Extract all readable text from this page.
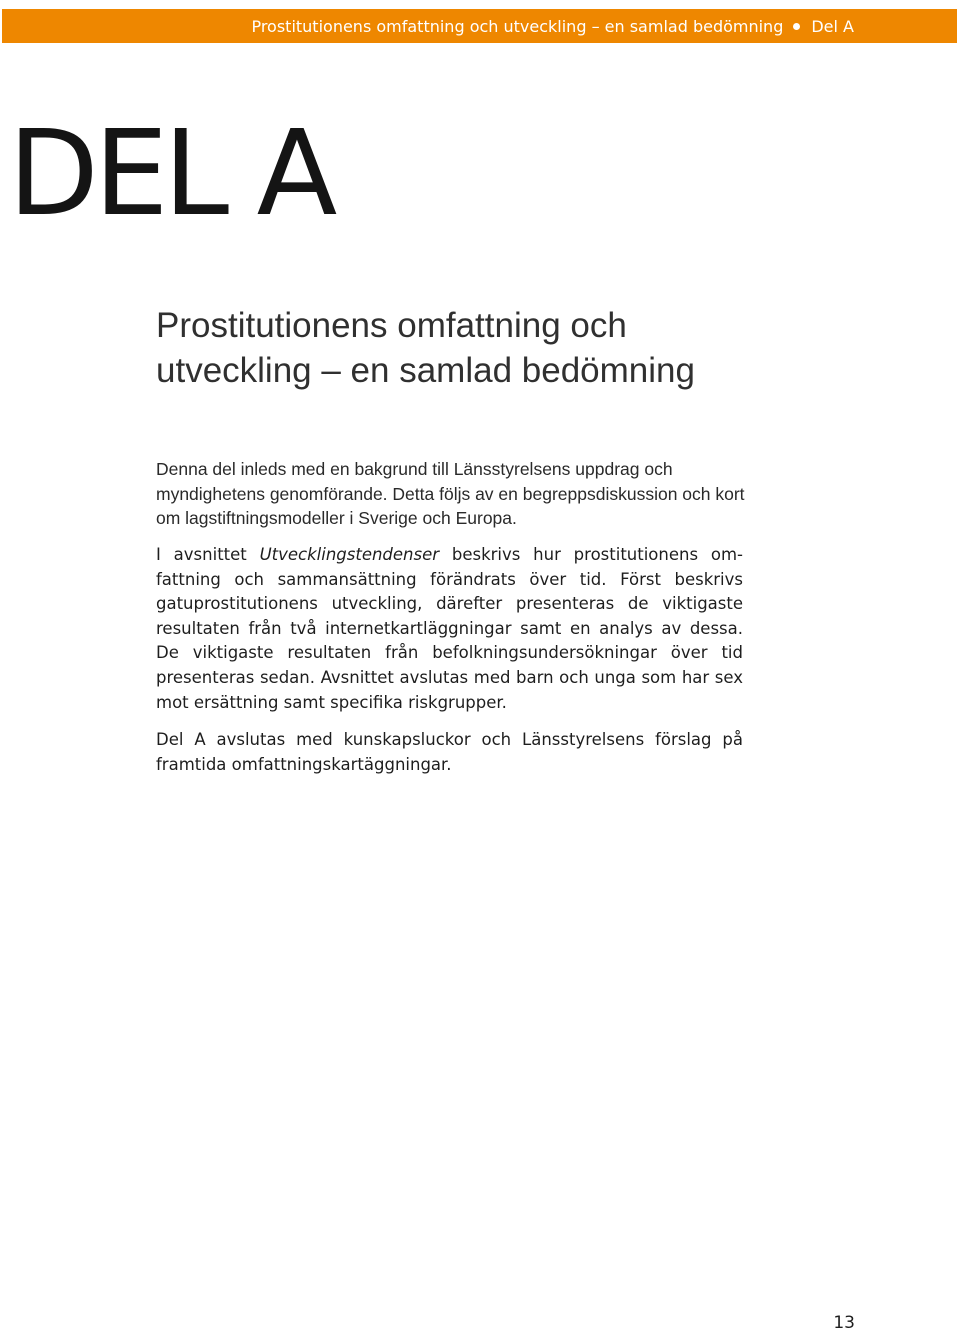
Prostitutionens omfattning och utveckling – en samlad bedömning Del A
DEL A
Prostitutionens omfattning och
utveckling – en samlad bedömning

Denna del inleds med en bakgrund till Länsstyrelsens uppdrag och myndighetens genomförande. Detta följs av en begreppsdiskussion och kort om lagstiftningsmodeller i Sverige och Europa.

I avsnittet Utvecklingstendenser beskrivs hur prostitutionens omfattning och sammansättning förändrats över tid. Först beskrivs gatuprostitutionens utveckling, därefter presenteras de viktigaste resultaten från två internetkartläggningar samt en analys av dessa. De viktigaste resultaten från befolkningsundersökningar över tid presenteras sedan. Avsnittet avslutas med barn och unga som har sex mot ersättning samt specifika riskgrupper.

Del A avslutas med kunskapsluckor och Länsstyrelsens förslag på framtida omfattningskartäggningar.

13
